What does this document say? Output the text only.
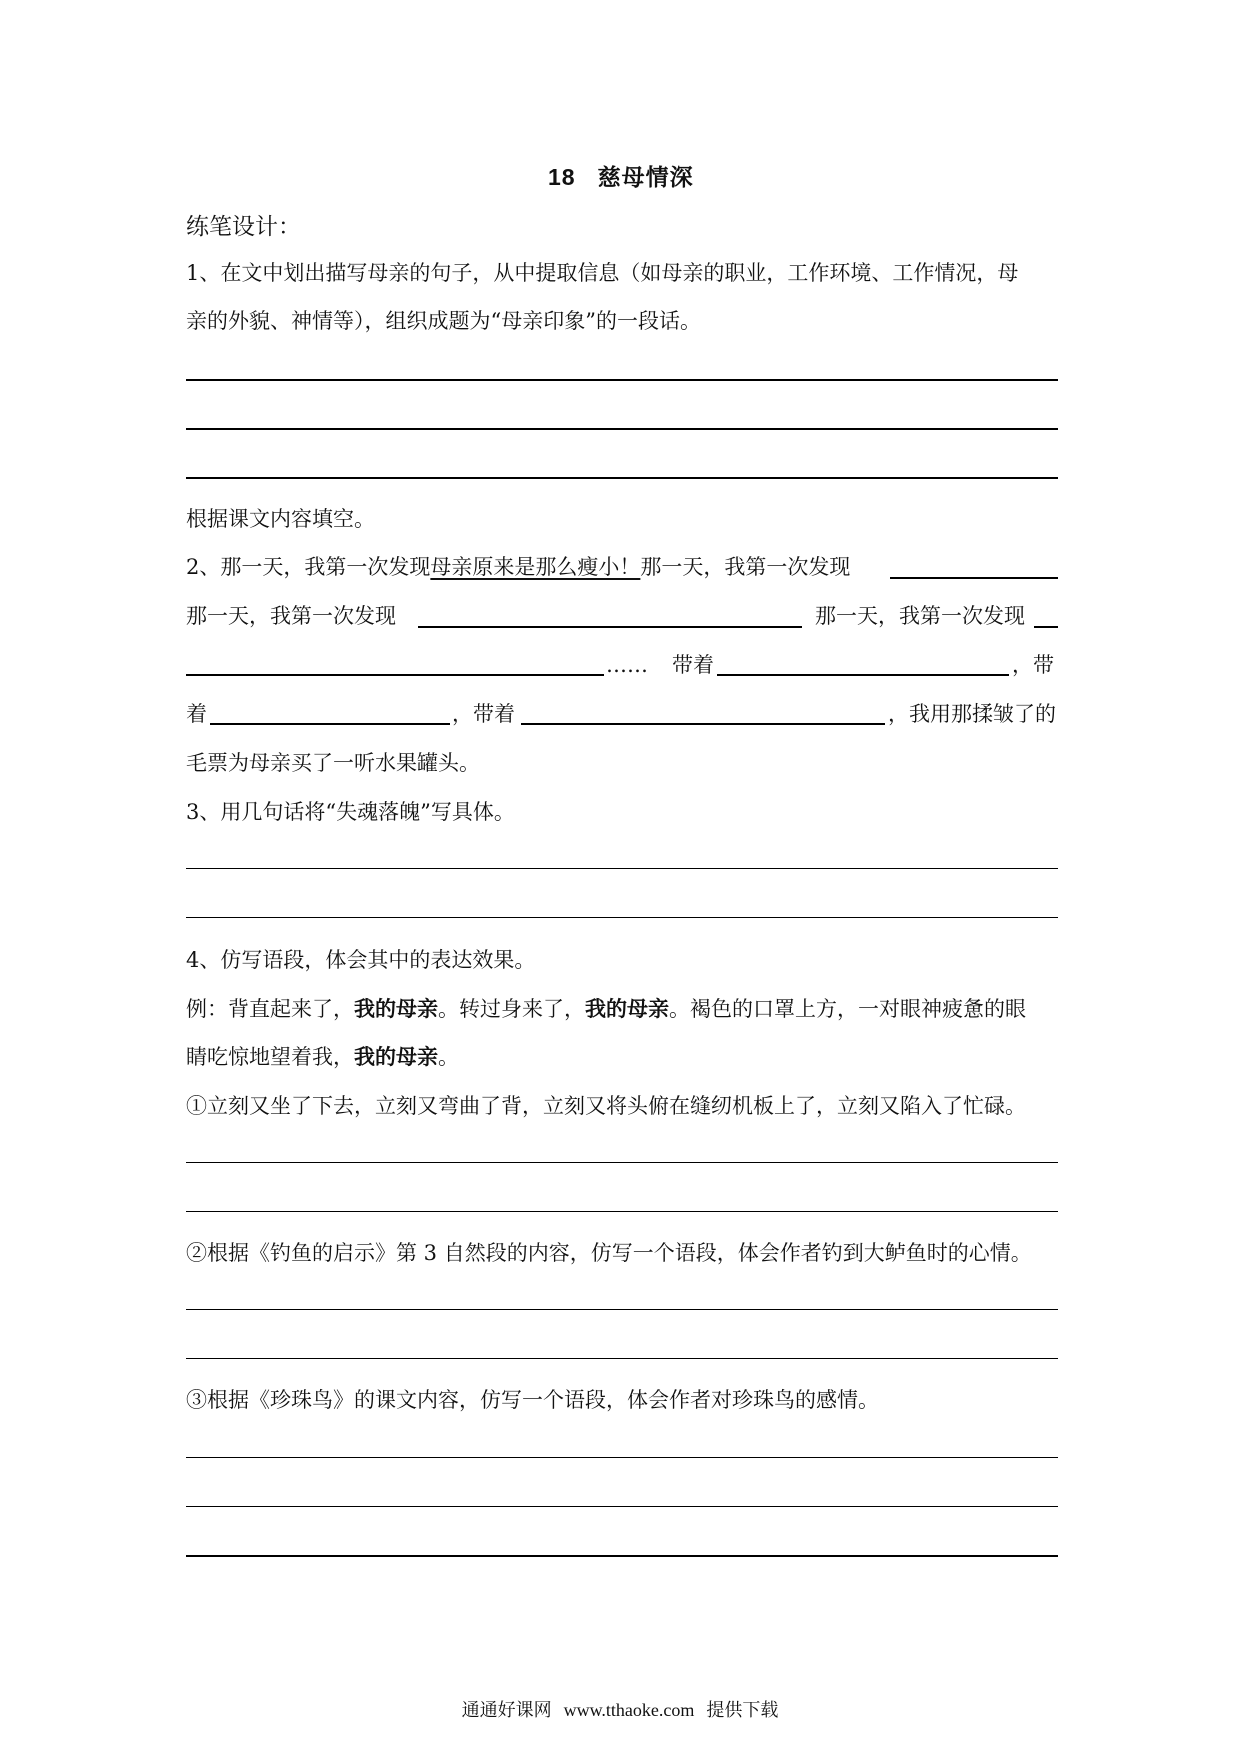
18 慈母情深
练笔设计：
1、在文中划出描写母亲的句子，从中提取信息（如母亲的职业，工作环境、工作情况，母
亲的外貌、神情等），组织成题为“母亲印象”的一段话。
根据课文内容填空。
2、那一天，我第一次发现母亲原来是那么瘦小！那一天，我第一次发现
那一天，我第一次发现	那一天，我第一次发现
…… 带着	，带
着	，带着	，我用那揉皱了的
毛票为母亲买了一听水果罐头。
3、用几句话将“失魂落魄”写具体。
4、仿写语段，体会其中的表达效果。
例：背直起来了，我的母亲。转过身来了，我的母亲。褐色的口罩上方，一对眼神疲惫的眼
睛吃惊地望着我，我的母亲。
①立刻又坐了下去，立刻又弯曲了背，立刻又将头俯在缝纫机板上了，立刻又陷入了忙碌。
②根据《钓鱼的启示》第 3 自然段的内容，仿写一个语段，体会作者钓到大鲈鱼时的心情。
③根据《珍珠鸟》的课文内容，仿写一个语段，体会作者对珍珠鸟的感情。
通通好课网 www.tthaoke.com 提供下载
